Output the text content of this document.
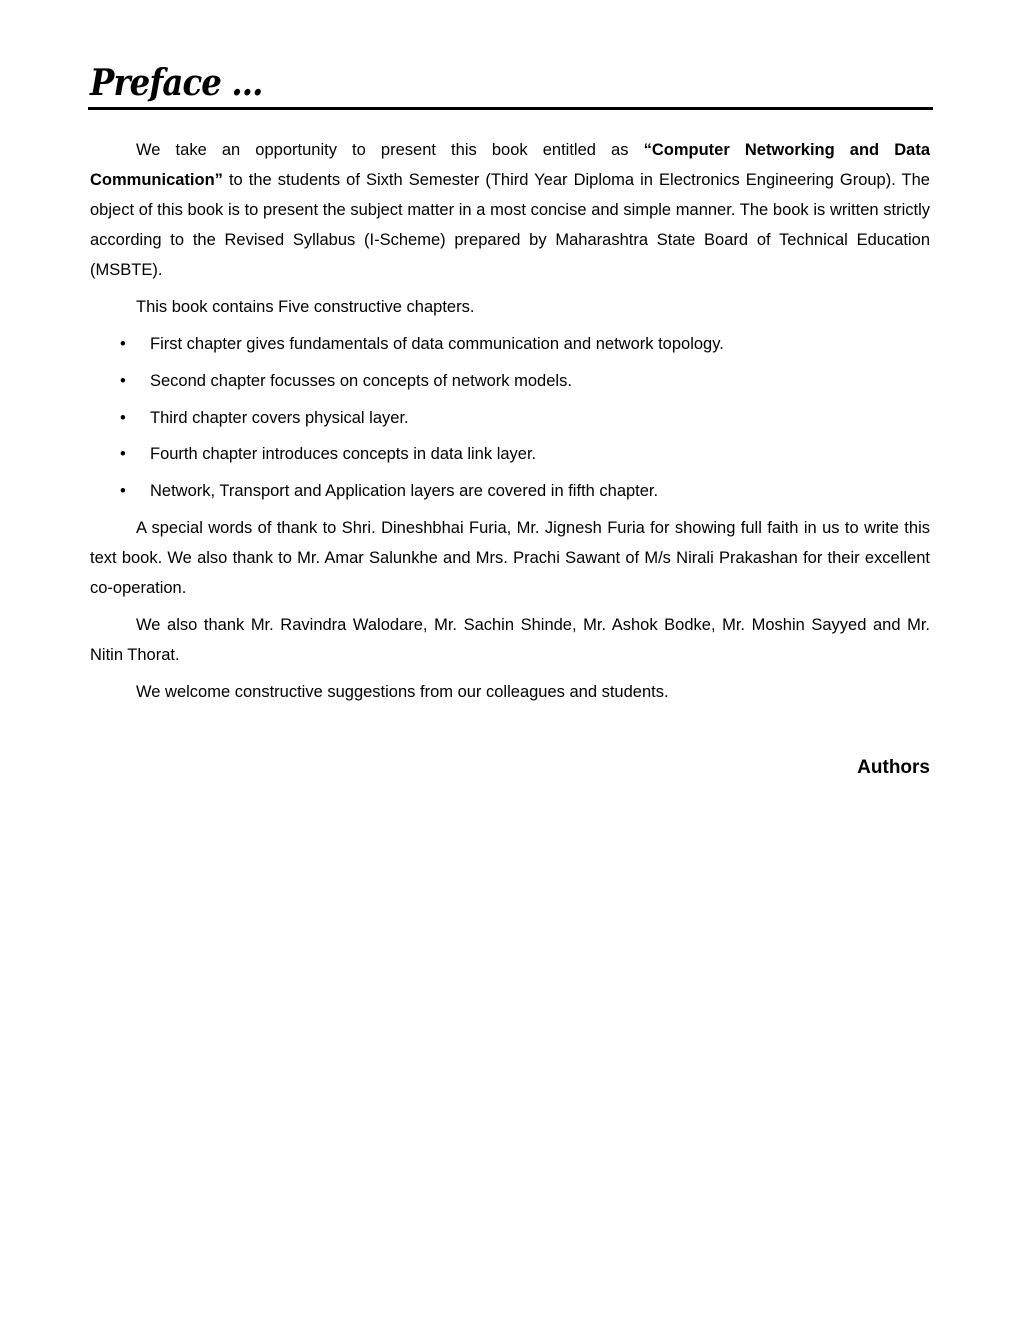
Preface ...

We take an opportunity to present this book entitled as “Computer Networking and Data Communication” to the students of Sixth Semester (Third Year Diploma in Electronics Engineering Group). The object of this book is to present the subject matter in a most concise and simple manner. The book is written strictly according to the Revised Syllabus (I-Scheme) prepared by Maharashtra State Board of Technical Education (MSBTE).

This book contains Five constructive chapters.

• First chapter gives fundamentals of data communication and network topology.
• Second chapter focusses on concepts of network models.
• Third chapter covers physical layer.
• Fourth chapter introduces concepts in data link layer.
• Network, Transport and Application layers are covered in fifth chapter.

A special words of thank to Shri. Dineshbhai Furia, Mr. Jignesh Furia for showing full faith in us to write this text book. We also thank to Mr. Amar Salunkhe and Mrs. Prachi Sawant of M/s Nirali Prakashan for their excellent co-operation.

We also thank Mr. Ravindra Walodare, Mr. Sachin Shinde, Mr. Ashok Bodke, Mr. Moshin Sayyed and Mr. Nitin Thorat.

We welcome constructive suggestions from our colleagues and students.

Authors
